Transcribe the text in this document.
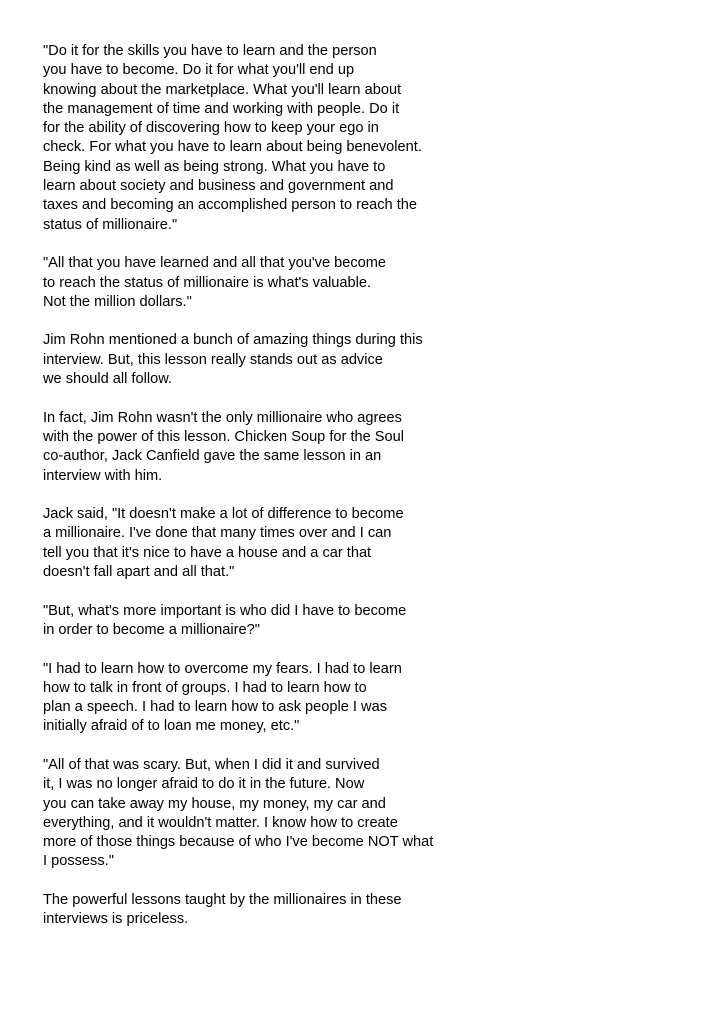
"Do it for the skills you have to learn and the person
you have to become. Do it for what you'll end up
knowing about the marketplace. What you'll learn about
the management of time and working with people. Do it
for the ability of discovering how to keep your ego in
check. For what you have to learn about being benevolent.
Being kind as well as being strong. What you have to
learn about society and business and government and
taxes and becoming an accomplished person to reach the
status of millionaire."

"All that you have learned and all that you've become
to reach the status of millionaire is what's valuable.
Not the million dollars."

Jim Rohn mentioned a bunch of amazing things during this
interview. But, this lesson really stands out as advice
we should all follow.

In fact, Jim Rohn wasn't the only millionaire who agrees
with the power of this lesson. Chicken Soup for the Soul
co-author, Jack Canfield gave the same lesson in an
interview with him.

Jack said, "It doesn't make a lot of difference to become
a millionaire. I've done that many times over and I can
tell you that it's nice to have a house and a car that
doesn't fall apart and all that."

"But, what's more important is who did I have to become
in order to become a millionaire?"

"I had to learn how to overcome my fears. I had to learn
how to talk in front of groups. I had to learn how to
plan a speech. I had to learn how to ask people I was
initially afraid of to loan me money, etc."

"All of that was scary. But, when I did it and survived
it, I was no longer afraid to do it in the future. Now
you can take away my house, my money, my car and
everything, and it wouldn't matter. I know how to create
more of those things because of who I've become NOT what
I possess."

The powerful lessons taught by the millionaires in these
interviews is priceless.
